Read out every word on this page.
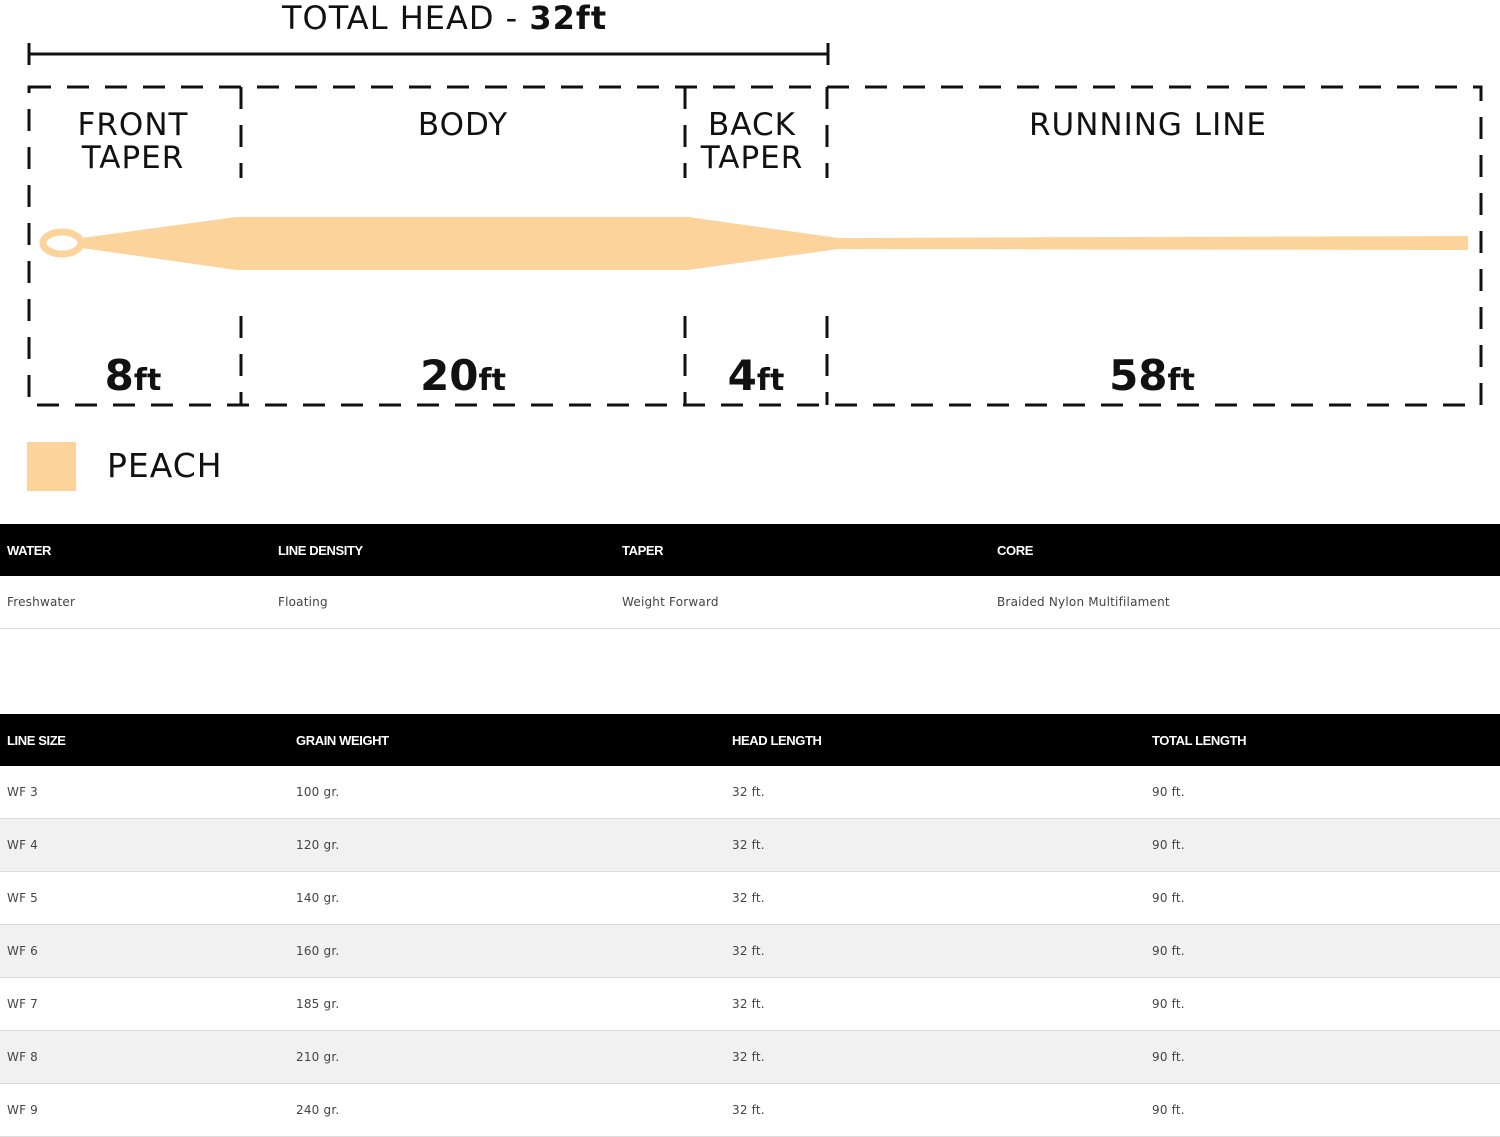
TOTAL HEAD - 32ft
FRONT
TAPER
BODY	BACK
TAPER
RUNNING LINE
8ft	20ft	4ft	58ft
PEACH
WATER	LINE DENSITY	TAPER	CORE
Freshwater	Floating	Weight Forward	Braided Nylon Multifilament
LINE SIZE	GRAIN WEIGHT	HEAD LENGTH	TOTAL LENGTH
WF 3	100 gr.	32 ft.	90 ft.
WF 4	120 gr.	32 ft.	90 ft.
WF 5	140 gr.	32 ft.	90 ft.
WF 6	160 gr.	32 ft.	90 ft.
WF 7	185 gr.	32 ft.	90 ft.
WF 8	210 gr.	32 ft.	90 ft.
WF 9	240 gr.	32 ft.	90 ft.
